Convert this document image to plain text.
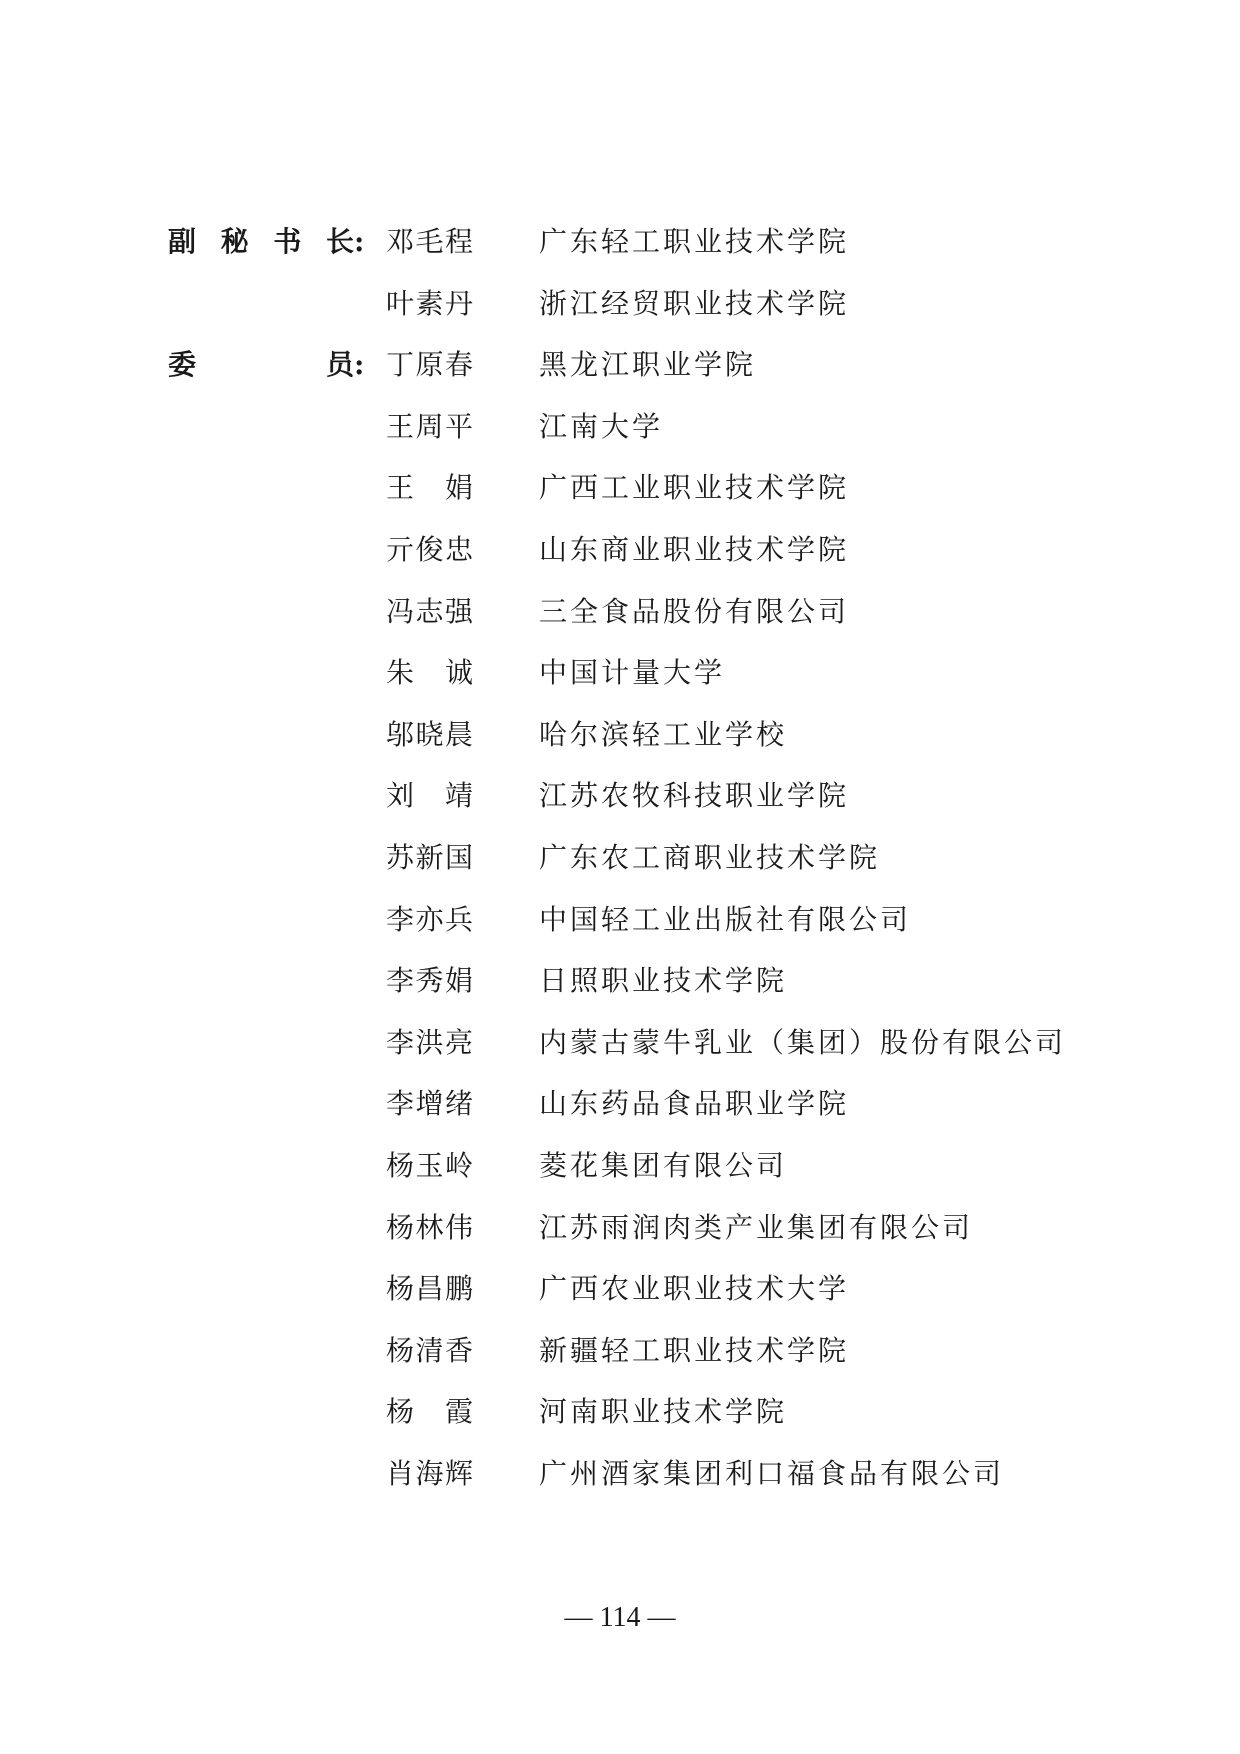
副秘书长 : 邓毛程 广东轻工职业技术学院
叶素丹 浙江经贸职业技术学院
委员 : 丁原春 黑龙江职业学院
王周平 江南大学
王娟 广西工业职业技术学院
亓俊忠 山东商业职业技术学院
冯志强 三全食品股份有限公司
朱诚 中国计量大学
邬晓晨 哈尔滨轻工业学校
刘靖 江苏农牧科技职业学院
苏新国 广东农工商职业技术学院
李亦兵 中国轻工业出版社有限公司
李秀娟 日照职业技术学院
李洪亮 内蒙古蒙牛乳业（集团）股份有限公司
李增绪 山东药品食品职业学院
杨玉岭 菱花集团有限公司
杨林伟 江苏雨润肉类产业集团有限公司
杨昌鹏 广西农业职业技术大学
杨清香 新疆轻工职业技术学院
杨霞 河南职业技术学院
肖海辉 广州酒家集团利口福食品有限公司
— 114 —
